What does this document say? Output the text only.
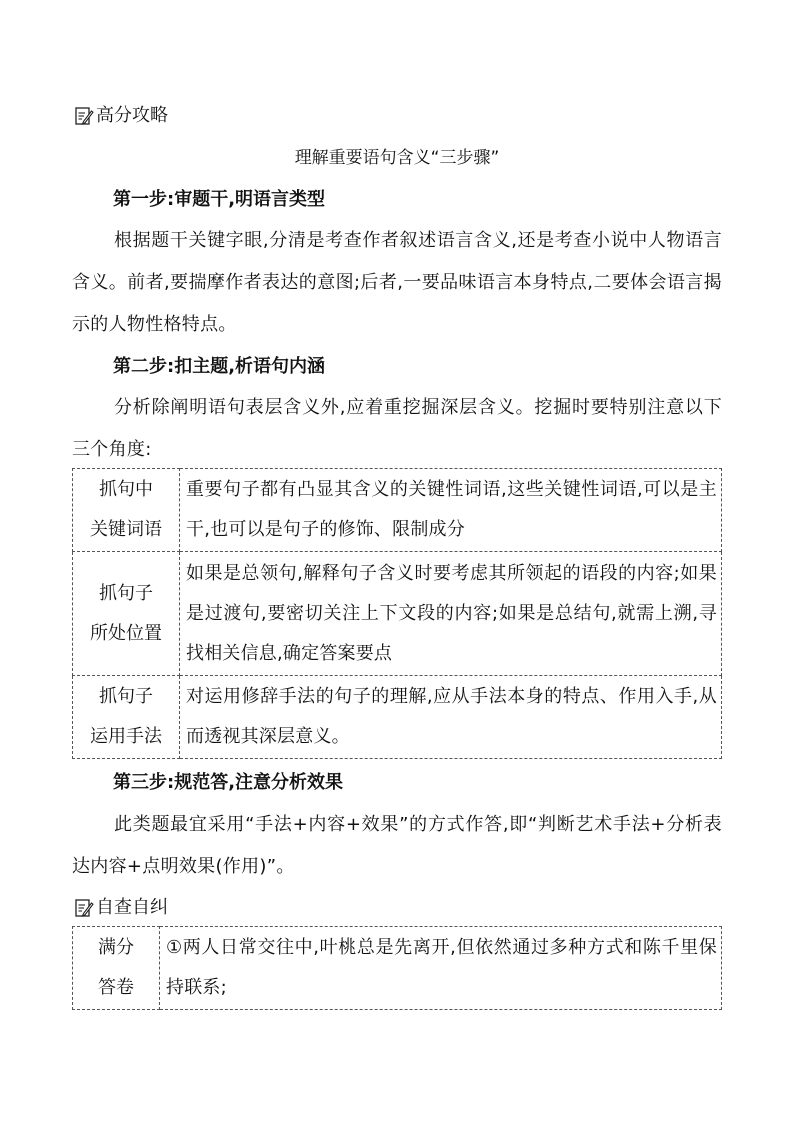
高分攻略
理解重要语句含义“三步骤”
第一步:审题干,明语言类型
根据题干关键字眼,分清是考查作者叙述语言含义,还是考查小说中人物语言含义。前者,要揣摩作者表达的意图;后者,一要品味语言本身特点,二要体会语言揭示的人物性格特点。
第二步:扣主题,析语句内涵
分析除阐明语句表层含义外,应着重挖掘深层含义。挖掘时要特别注意以下三个角度:
抓句中
关键词语	重要句子都有凸显其含义的关键性词语,这些关键性词语,可以是主干,也可以是句子的修饰、限制成分

抓句子
所处位置	如果是总领句,解释句子含义时要考虑其所领起的语段的内容;如果是过渡句,要密切关注上下文段的内容;如果是总结句,就需上溯,寻找相关信息,确定答案要点

抓句子
运用手法	对运用修辞手法的句子的理解,应从手法本身的特点、作用入手,从而透视其深层意义。
第三步:规范答,注意分析效果
此类题最宜采用“手法+内容+效果”的方式作答,即“判断艺术手法+分析表达内容+点明效果(作用)”。
自查自纠
满分
答卷
	①两人日常交往中,叶桃总是先离开,但依然通过多种方式和陈千里保持联系;
